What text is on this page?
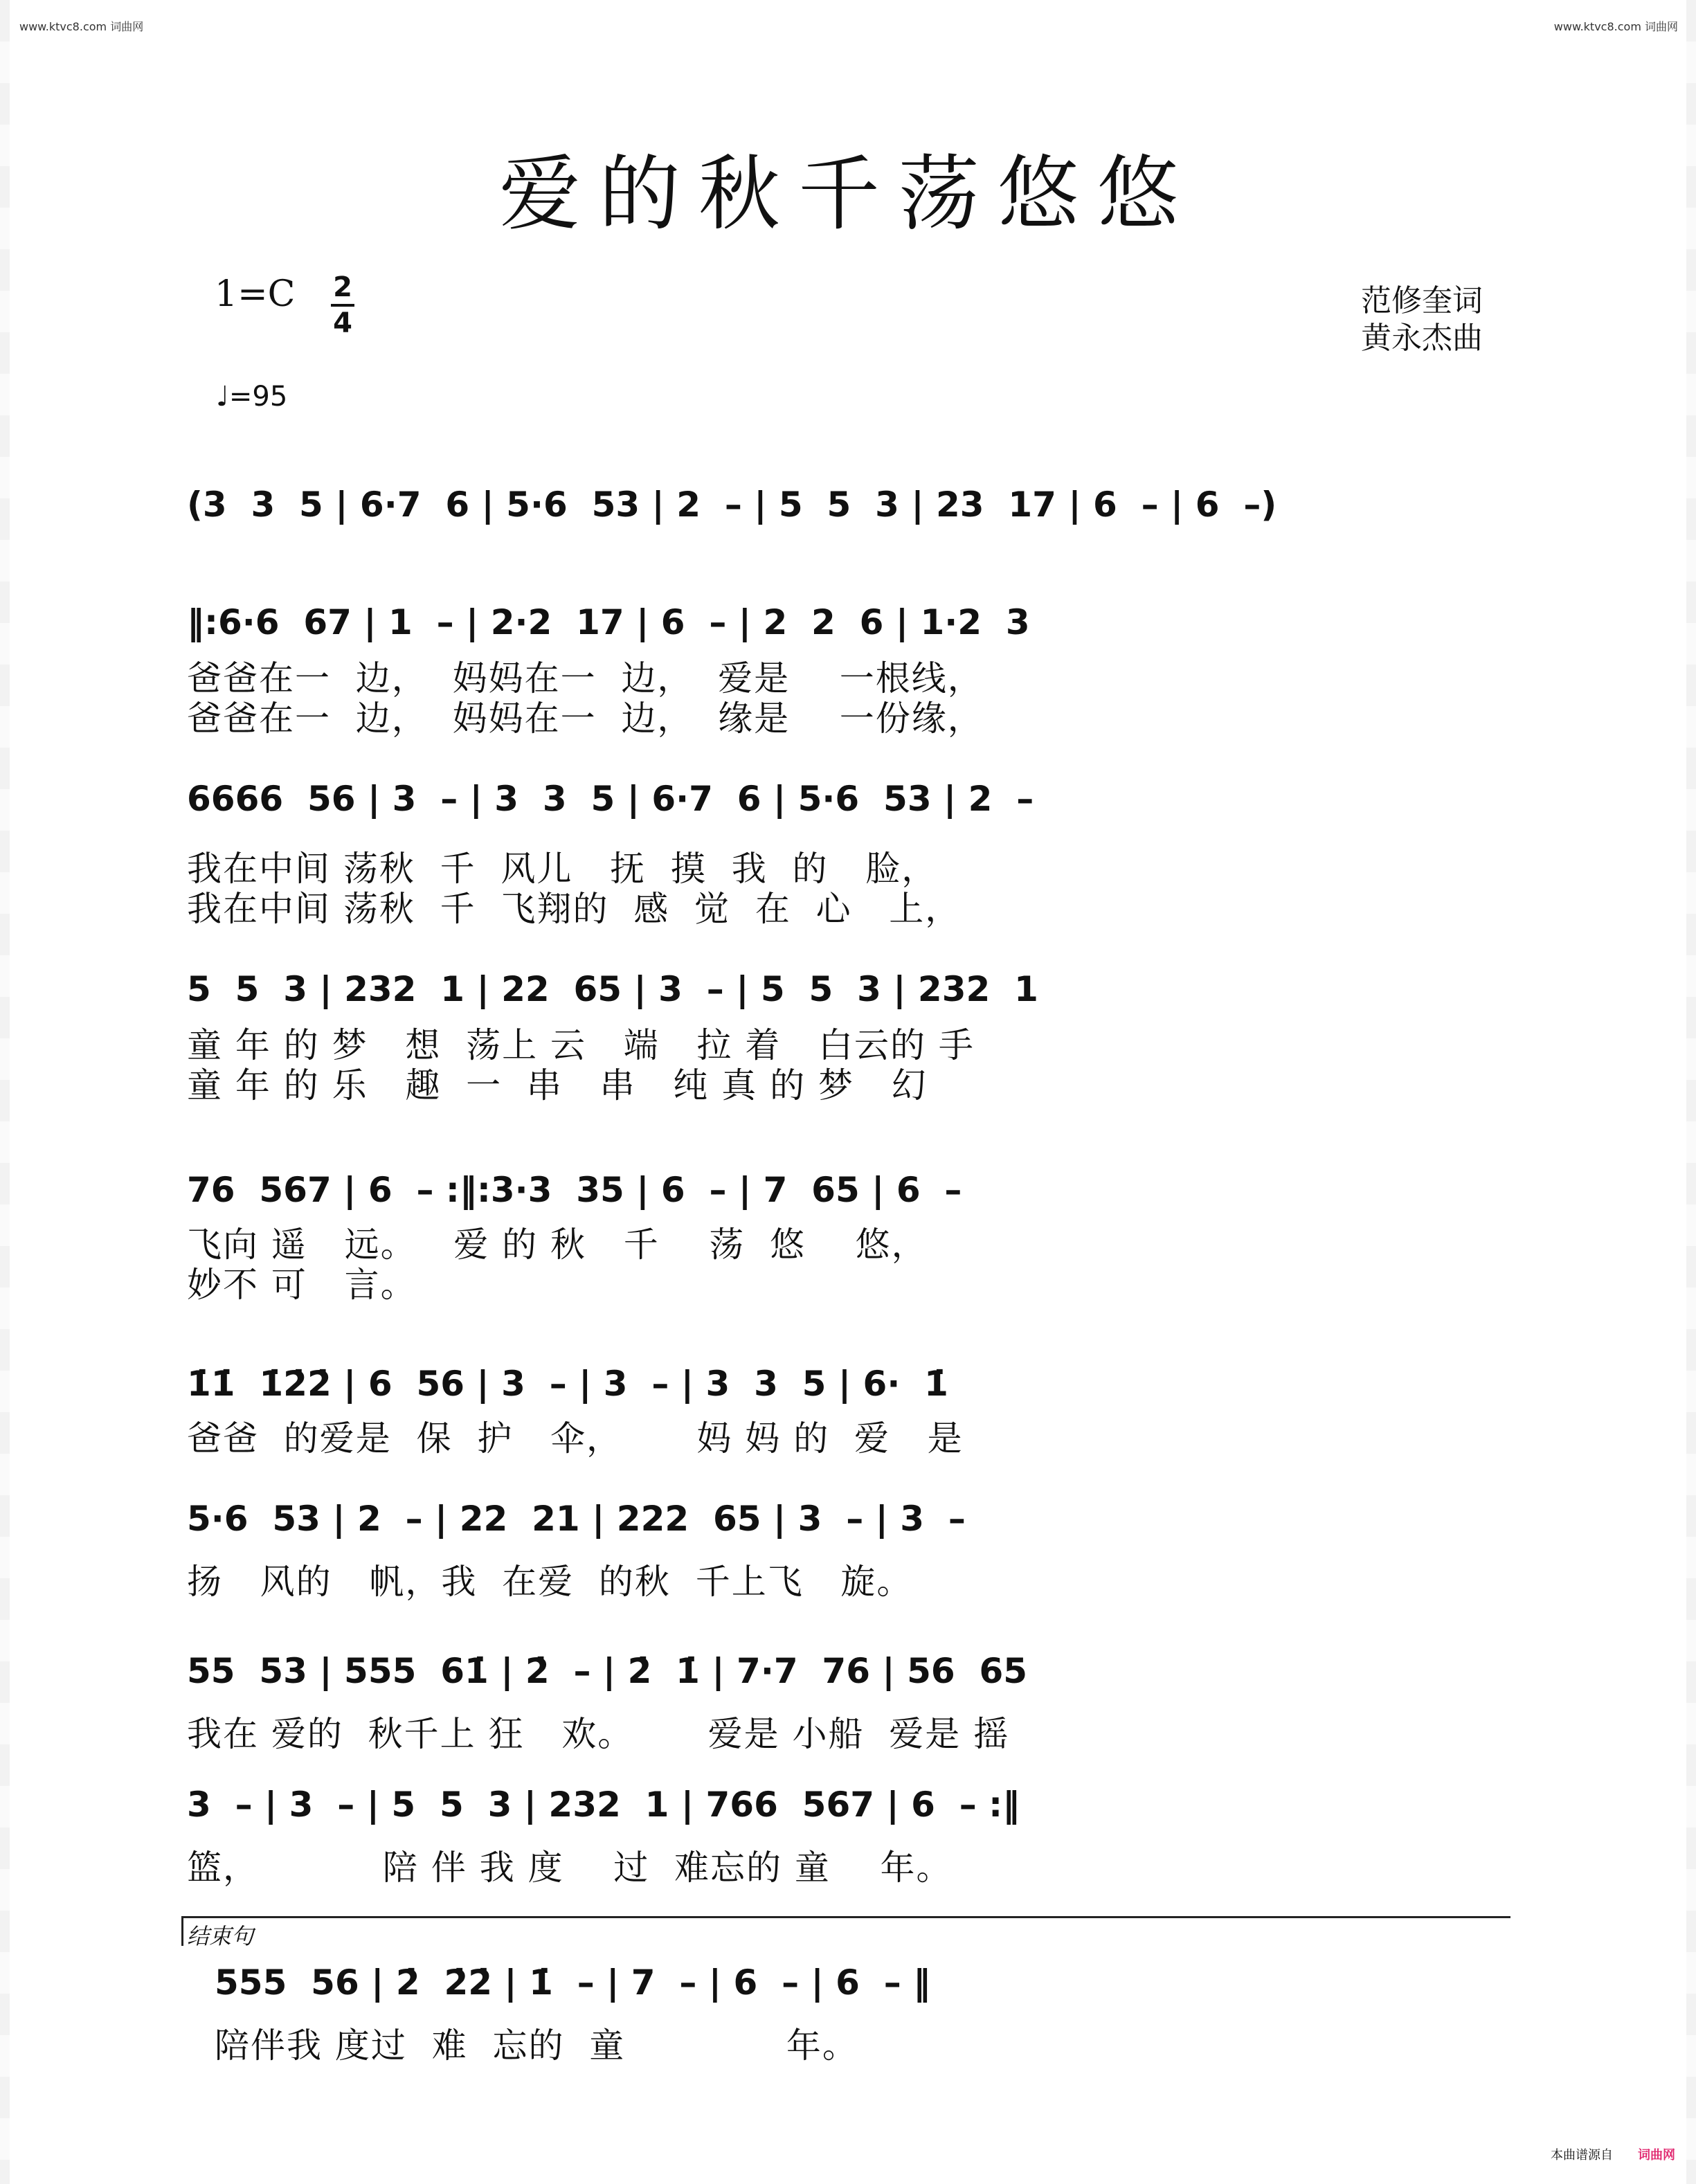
www.ktvc8.com 词曲网	www.ktvc8.com 词曲网
爱的秋千荡悠悠
1=C 2
4
♩=95
范修奎词
黄永杰曲
(3  3  5 | 6·7  6 | 5·6  53 | 2  – | 5  5  3 | 23  17 | 6  – | 6  –)
‖:6·6  67 | 1  – | 2·2  17 | 6  – | 2  2  6 | 1·2  3
爸爸在一  边，  妈妈在一  边，  爱是    一根线，
爸爸在一  边，  妈妈在一  边，  缘是    一份缘，
6666  56 | 3  – | 3  3  5 | 6·7  6 | 5·6  53 | 2  –
我在中间 荡秋  千  风儿   抚  摸  我  的   脸，
我在中间 荡秋  千  飞翔的  感  觉  在  心   上，
5  5  3 | 232  1 | 22  65 | 3  – | 5  5  3 | 232  1
童 年 的 梦   想  荡上 云   端   拉 着   白云的 手
童 年 的 乐   趣  一  串   串   纯 真 的 梦   幻
76  567 | 6  – :‖:3·3  35 | 6  – | 7  65 | 6  –
飞向 遥   远。   爱 的 秋   千    荡  悠    悠，
妙不 可   言。
1̇1̇  1̇2̇2̇ | 6  56 | 3  – | 3  – | 3  3  5 | 6·  1̇
爸爸  的爱是  保  护   伞，      妈 妈 的  爱   是
5·6  53 | 2  – | 22  21 | 222  65 | 3  – | 3  –
扬   风的   帆，我  在爱  的秋  千上飞   旋。
55  53 | 555  61̇ | 2̇  – | 2̇  1̇ | 7·7  76 | 56  65
我在 爱的  秋千上 狂   欢。      爱是 小船  爱是 摇
3  – | 3  – | 5  5  3 | 232  1 | 766  567 | 6  – :‖
篮，          陪 伴 我 度    过  难忘的 童    年。
结束句
555  56 | 2̇  2̇2̇ | 1̇  – | 7  – | 6  – | 6  – ‖
陪伴我 度过  难  忘的  童             年。
本曲谱源自 词曲网
